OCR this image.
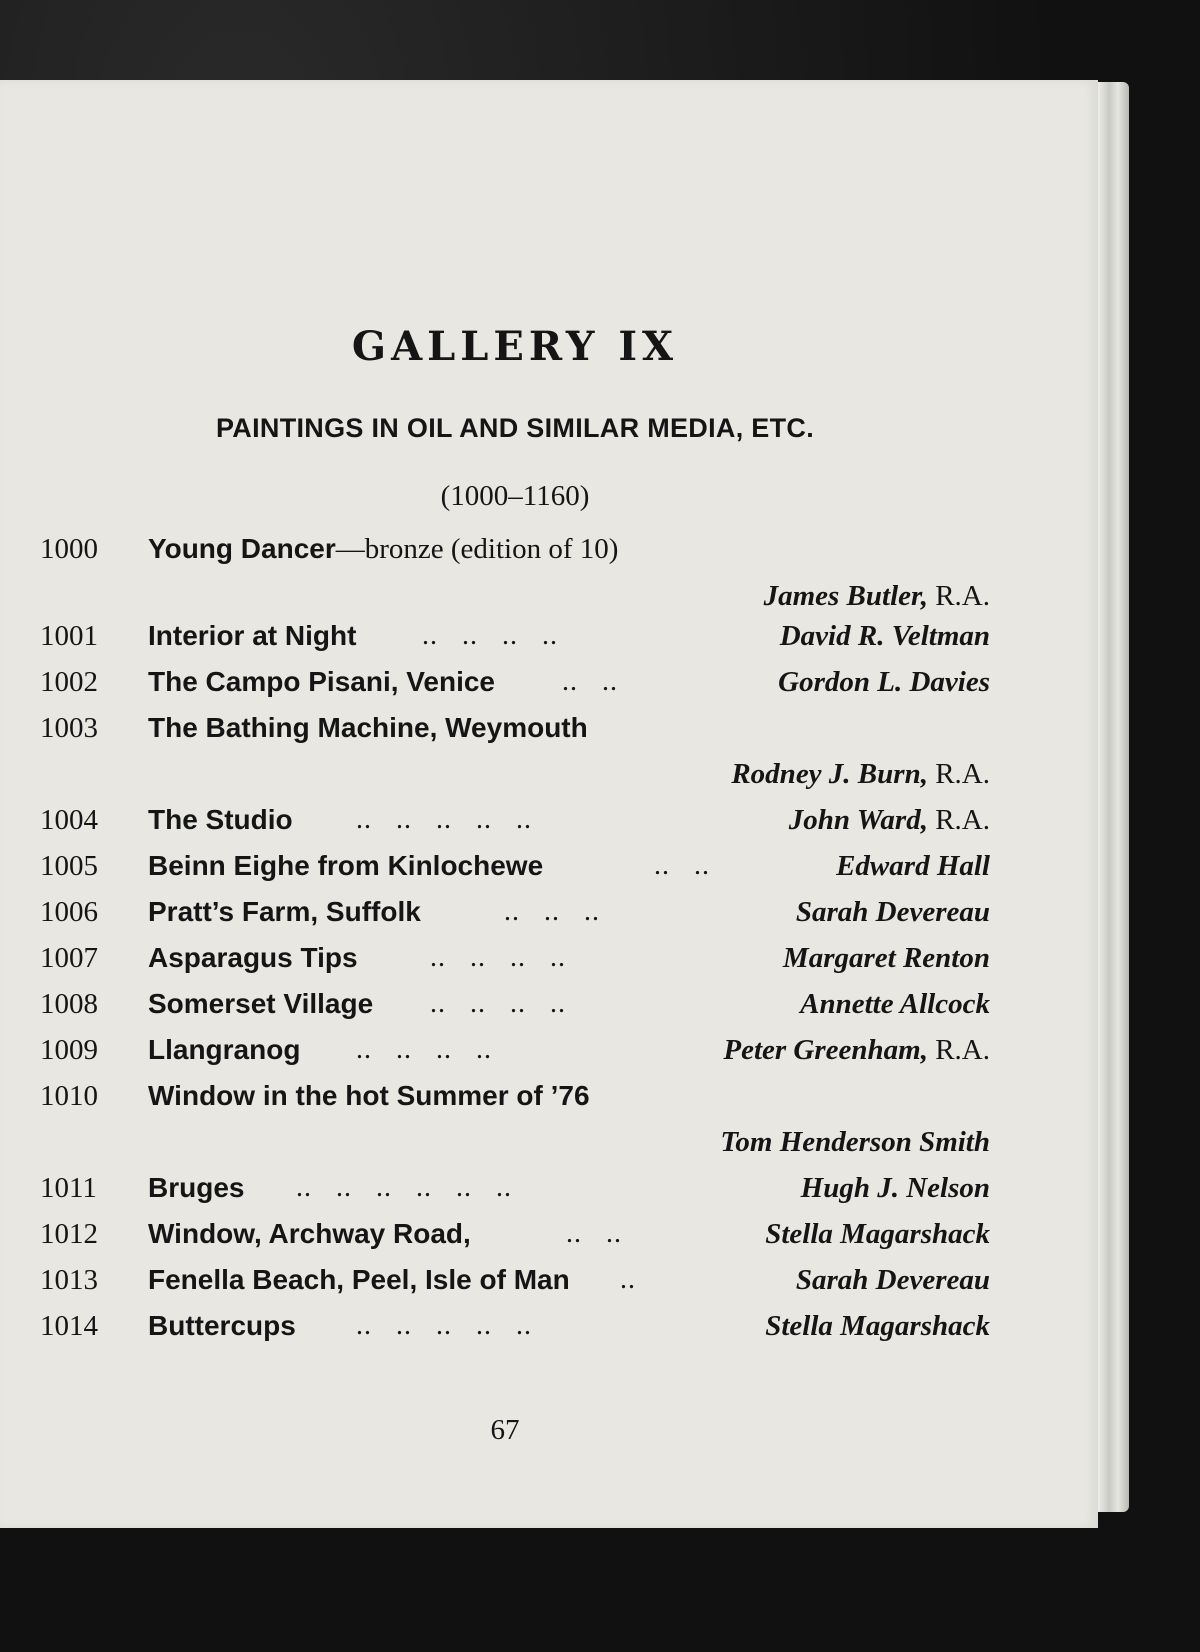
GALLERY IX
PAINTINGS IN OIL AND SIMILAR MEDIA, ETC.
(1000–1160)
1000 Young Dancer—bronze (edition of 10)
James Butler, R.A.
1001 Interior at Night ..   ..   ..   ..	David R. Veltman
1002 The Campo Pisani, Venice ..   ..	Gordon L. Davies
1003 The Bathing Machine, Weymouth
Rodney J. Burn, R.A.
1004 The Studio ..   ..   ..   ..   ..	John Ward, R.A.
1005 Beinn Eighe from Kinlochewe	..   ..	Edward Hall
1006 Pratt’s Farm, Suffolk	..   ..   ..	Sarah Devereau
1007 Asparagus Tips	..   ..   ..   ..	Margaret Renton
1008 Somerset Village ..   ..   ..   ..	Annette Allcock
1009 Llangranog ..   ..   ..   ..	Peter Greenham, R.A.
1010 Window in the hot Summer of ’76
Tom Henderson Smith
1011 Bruges ..   ..   ..   ..   ..   ..	Hugh J. Nelson
1012 Window, Archway Road,	..   ..	Stella Magarshack
1013 Fenella Beach, Peel, Isle of Man ..	Sarah Devereau
1014 Buttercups ..   ..   ..   ..   ..	Stella Magarshack
67
